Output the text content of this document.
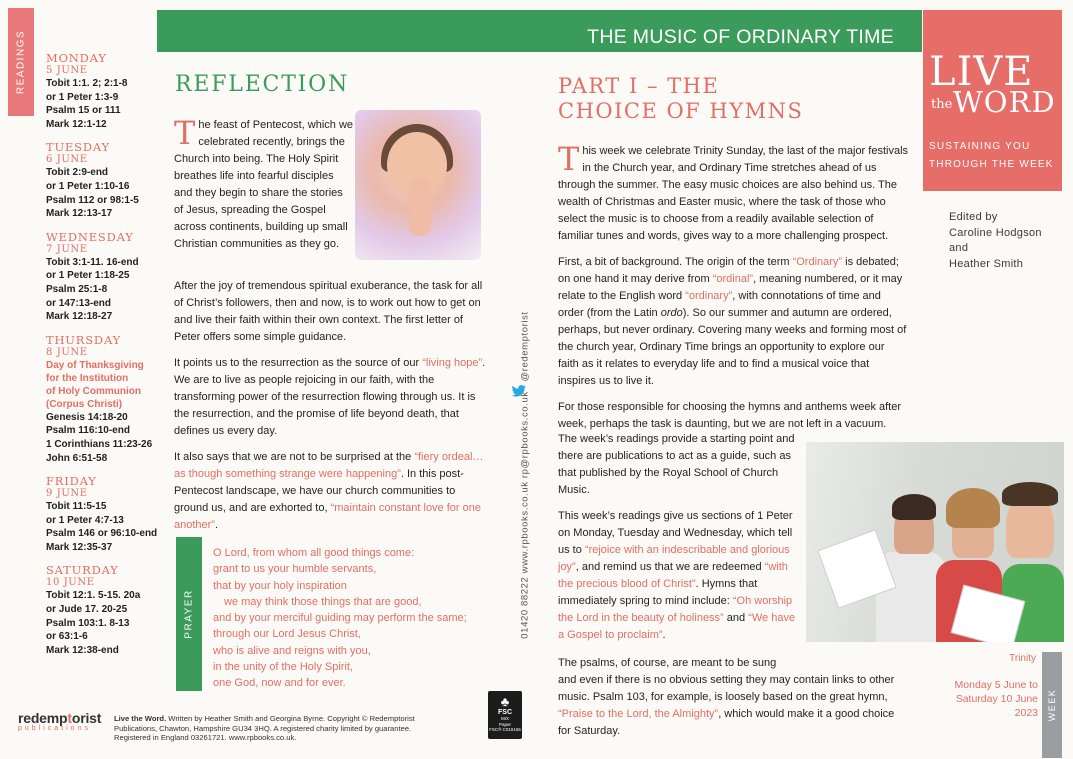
READINGS MONDAY
5 JUNE
Tobit 1:1. 2; 2:1-8
or 1 Peter 1:3-9
Psalm 15 or 111
Mark 12:1-12
TUESDAY
6 JUNE
Tobit 2:9-end
or 1 Peter 1:10-16
Psalm 112 or 98:1-5
Mark 12:13-17
WEDNESDAY
7 JUNE
Tobit 3:1-11. 16-end
or 1 Peter 1:18-25
Psalm 25:1-8
or 147:13-end
Mark 12:18-27
THURSDAY
8 JUNE
Day of Thanksgiving
for the Institution
of Holy Communion
(Corpus Christi)
Genesis 14:18-20
Psalm 116:10-end
1 Corinthians 11:23-26
John 6:51-58
FRIDAY
9 JUNE
Tobit 11:5-15
or 1 Peter 4:7-13
Psalm 146 or 96:10-end
Mark 12:35-37
SATURDAY
10 JUNE
Tobit 12:1. 5-15. 20a
or Jude 17. 20-25
Psalm 103:1. 8-13
or 63:1-6
Mark 12:38-end
THE MUSIC OF ORDINARY TIME
LIVE
the WORD
SUSTAINING YOU
THROUGH THE WEEK
Edited by
Caroline Hodgson
and
Heather Smith
REFLECTION
The feast of Pentecost, which we celebrated recently, brings the Church into being. The Holy Spirit breathes life into fearful disciples and they begin to share the stories of Jesus, spreading the Gospel across continents, building up small Christian communities as they go.

After the joy of tremendous spiritual exuberance, the task for all of Christ’s followers, then and now, is to work out how to get on and live their faith within their own context. The first letter of Peter offers some simple guidance.

It points us to the resurrection as the source of our “living hope”. We are to live as people rejoicing in our faith, with the transforming power of the resurrection flowing through us. It is the resurrection, and the promise of life beyond death, that defines us every day.

It also says that we are not to be surprised at the “fiery ordeal… as though something strange were happening”. In this post-Pentecost landscape, we have our church communities to ground us, and are exhorted to, “maintain constant love for one another”.

PRAYER
O Lord, from whom all good things come:
grant to us your humble servants,
that by your holy inspiration
we may think those things that are good,
and by your merciful guiding may perform the same;
through our Lord Jesus Christ,
who is alive and reigns with you,
in the unity of the Holy Spirit,
one God, now and for ever.
01420 88222 www.rpbooks.co.uk rp@rpbooks.co.uk   @redemptorist
PART I – THE
CHOICE OF HYMNS

This week we celebrate Trinity Sunday, the last of the major festivals in the Church year, and Ordinary Time stretches ahead of us through the summer. The easy music choices are also behind us. The wealth of Christmas and Easter music, where the task of those who select the music is to choose from a readily available selection of familiar tunes and words, gives way to a more challenging prospect.

First, a bit of background. The origin of the term “Ordinary” is debated; on one hand it may derive from “ordinal”, meaning numbered, or it may relate to the English word “ordinary”, with connotations of time and order (from the Latin ordo). So our summer and autumn are ordered, perhaps, but never ordinary. Covering many weeks and forming most of the church year, Ordinary Time brings an opportunity to explore our faith as it relates to everyday life and to find a musical voice that inspires us to live it.

For those responsible for choosing the hymns and anthems week after week, perhaps the task is daunting, but we are not left in a vacuum.

The week’s readings provide a starting point and there are publications to act as a guide, such as that published by the Royal School of Church Music.

This week’s readings give us sections of 1 Peter on Monday, Tuesday and Wednesday, which tell us to “rejoice with an indescribable and glorious joy”, and remind us that we are redeemed “with the precious blood of Christ”. Hymns that immediately spring to mind include: “Oh worship the Lord in the beauty of holiness” and “We have a Gospel to proclaim”.

The psalms, of course, are meant to be sung
and even if there is no obvious setting they may contain links to other music. Psalm 103, for example, is loosely based on the great hymn, “Praise to the Lord, the Almighty”, which would make it a good choice for Saturday.
Trinity
Monday 5 June to
Saturday 10 June
2023 WEEK
redemptorist
publications
Live the Word. Written by Heather Smith and Georgina Byrne. Copyright © Redemptorist Publications, Chawton, Hampshire GU34 3HQ. A registered charity limited by guarantee. Registered in England 03261721. www.rpbooks.co.uk.
♣
FSC
MIX
Paper
FSC® C015166
